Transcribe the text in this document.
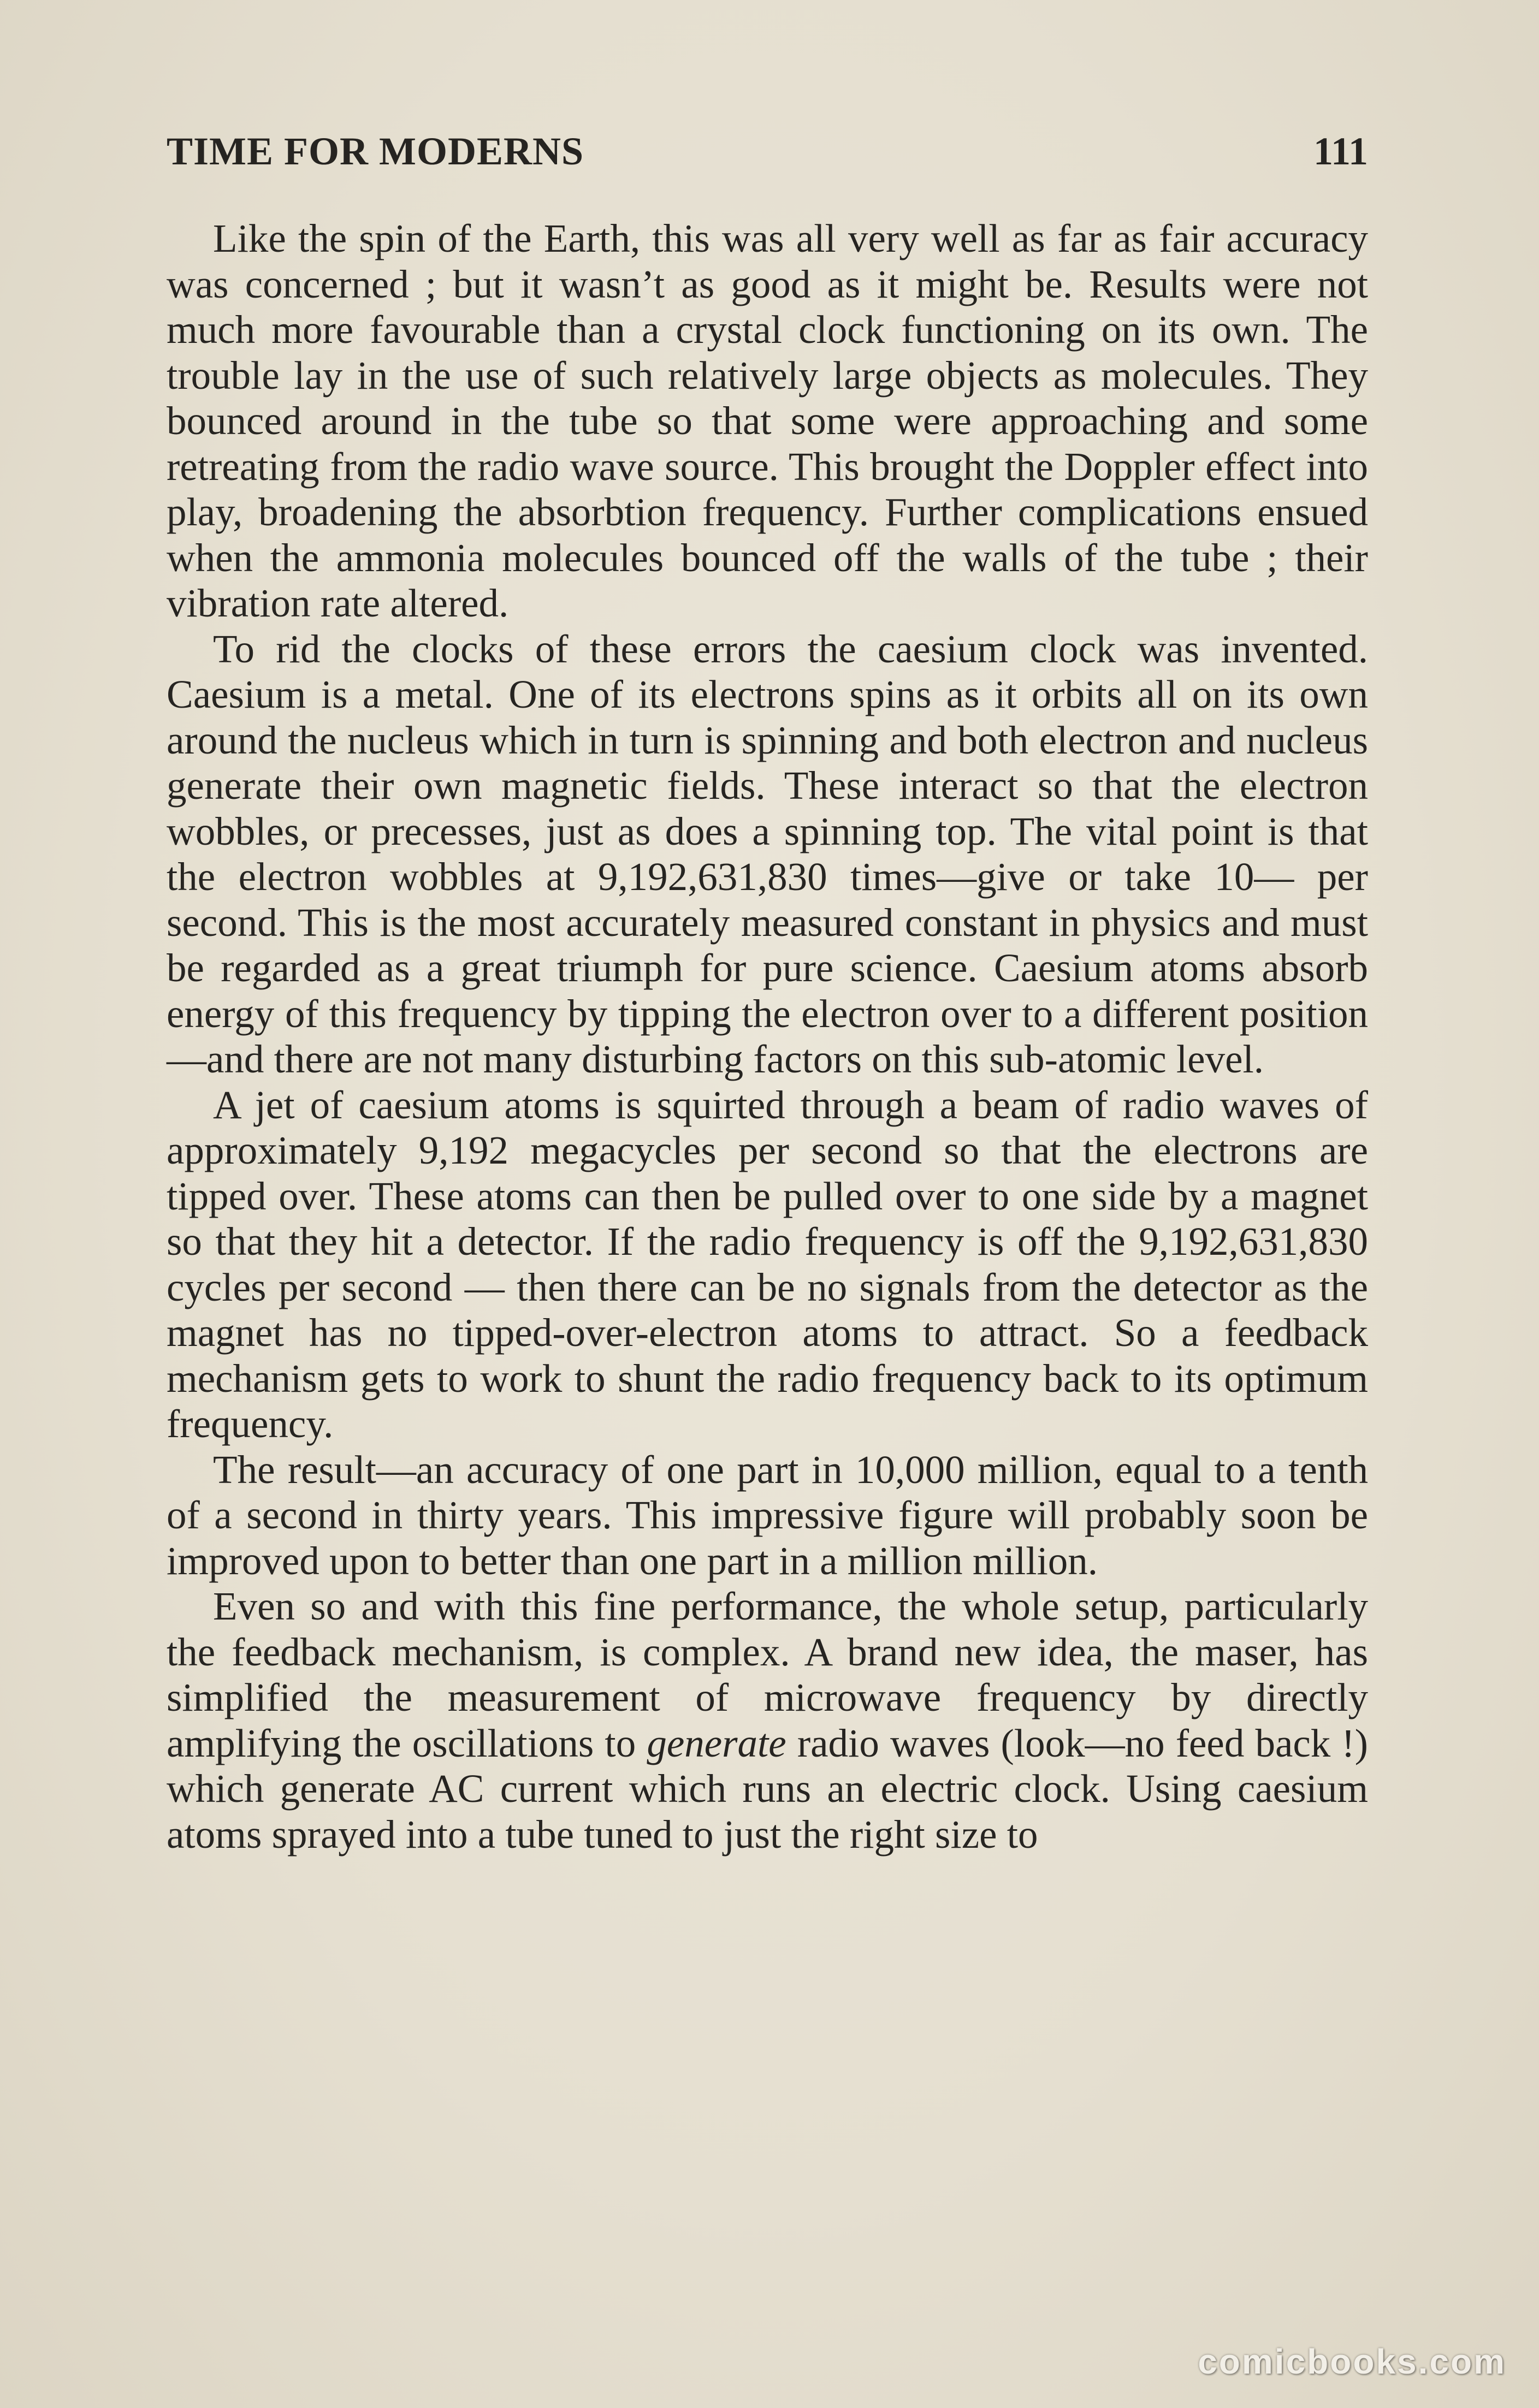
TIME FOR MODERNS	111

Like the spin of the Earth, this was all very well as far as fair accuracy was concerned ; but it wasn’t as good as it might be. Results were not much more favourable than a crystal clock functioning on its own. The trouble lay in the use of such relatively large objects as molecules. They bounced around in the tube so that some were approaching and some retreating from the radio wave source. This brought the Doppler effect into play, broadening the absorbtion frequency. Further complications ensued when the ammonia molecules bounced off the walls of the tube ; their vibration rate altered.

To rid the clocks of these errors the caesium clock was invented. Caesium is a metal. One of its electrons spins as it orbits all on its own around the nucleus which in turn is spinning and both electron and nucleus generate their own magnetic fields. These interact so that the electron wobbles, or precesses, just as does a spinning top. The vital point is that the electron wobbles at 9,192,631,830 times—give or take 10— per second. This is the most accurately measured constant in physics and must be regarded as a great triumph for pure science. Caesium atoms absorb energy of this frequency by tipping the electron over to a different position—and there are not many disturbing factors on this sub-atomic level.

A jet of caesium atoms is squirted through a beam of radio waves of approximately 9,192 megacycles per second so that the electrons are tipped over. These atoms can then be pulled over to one side by a magnet so that they hit a detector. If the radio frequency is off the 9,192,631,830 cycles per second — then there can be no signals from the detector as the magnet has no tipped-over-electron atoms to attract. So a feedback mechanism gets to work to shunt the radio frequency back to its optimum frequency.

The result—an accuracy of one part in 10,000 million, equal to a tenth of a second in thirty years. This impressive figure will probably soon be improved upon to better than one part in a million million.

Even so and with this fine performance, the whole setup, particularly the feedback mechanism, is complex. A brand new idea, the maser, has simplified the measurement of microwave frequency by directly amplifying the oscillations to generate radio waves (look—no feed back !) which generate AC current which runs an electric clock. Using caesium atoms sprayed into a tube tuned to just the right size to

comicbooks.com
